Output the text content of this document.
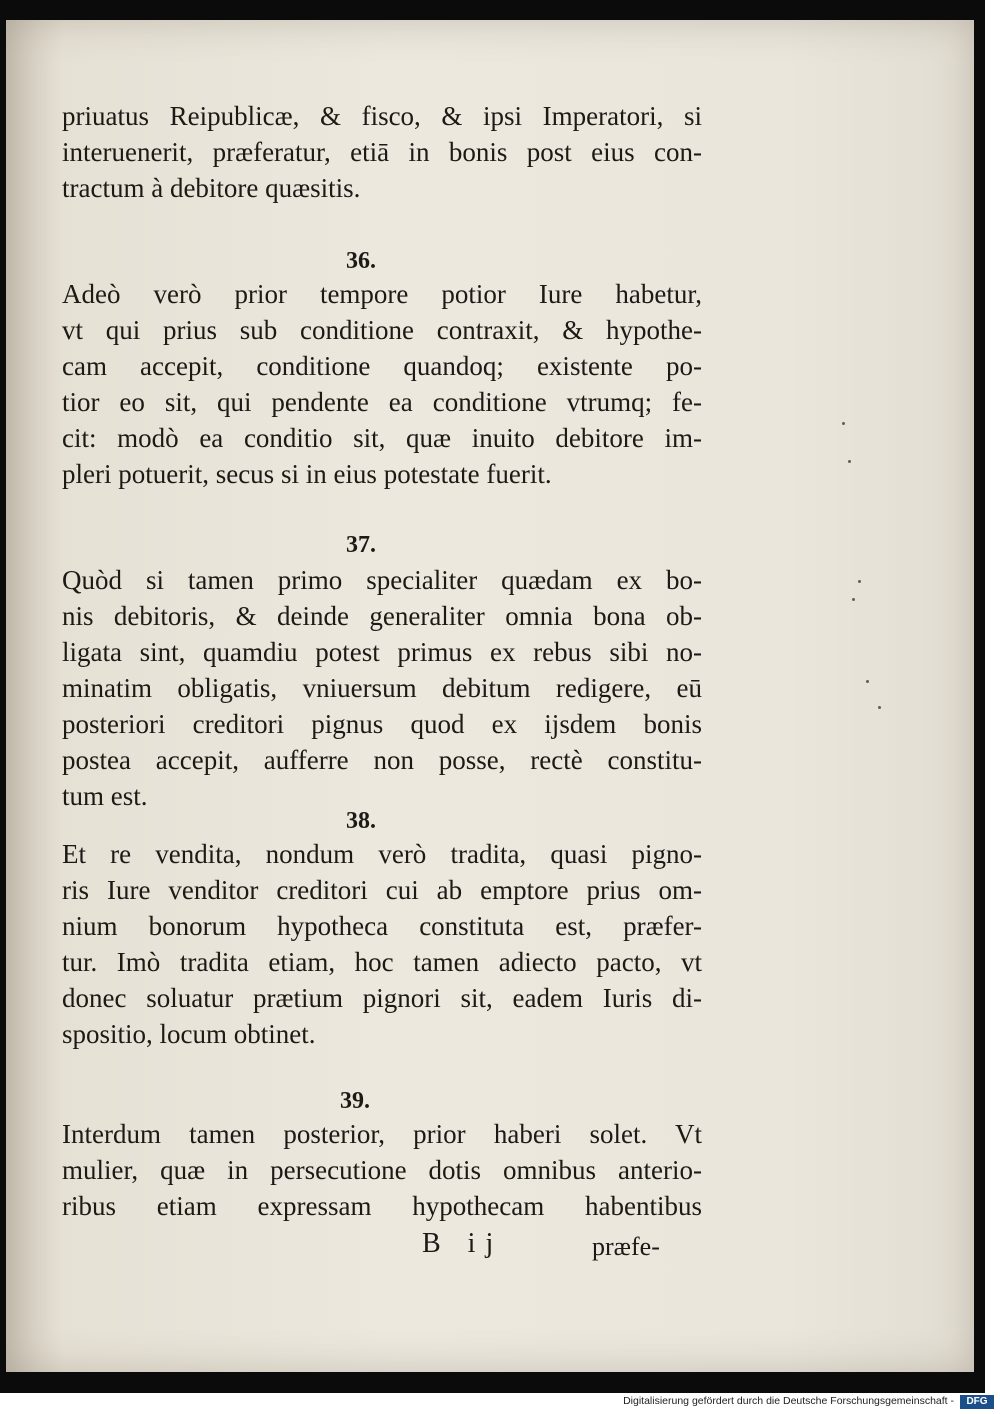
priuatus Reipublicæ, & fisco, & ipsi Imperatori, si
interuenerit, præferatur, etiā in bonis post eius con-
tractum à debitore quæsitis.
36.
Adeò verò prior tempore potior Iure habetur,
vt qui prius sub conditione contraxit, & hypothe-
cam accepit, conditione quandoq; existente po-
tior eo sit, qui pendente ea conditione vtrumq; fe-
cit: modò ea conditio sit, quæ inuito debitore im-
pleri potuerit, secus si in eius potestate fuerit.
37.
Quòd si tamen primo specialiter quædam ex bo-
nis debitoris, & deinde generaliter omnia bona ob-
ligata sint, quamdiu potest primus ex rebus sibi no-
minatim obligatis, vniuersum debitum redigere, eū
posteriori creditori pignus quod ex ijsdem bonis
postea accepit, aufferre non posse, rectè constitu-
tum est.
38.
Et re vendita, nondum verò tradita, quasi pigno-
ris Iure venditor creditori cui ab emptore prius om-
nium bonorum hypotheca constituta est, præfer-
tur. Imò tradita etiam, hoc tamen adiecto pacto, vt
donec soluatur prætium pignori sit, eadem Iuris di-
spositio, locum obtinet.
39.
Interdum tamen posterior, prior haberi solet. Vt
mulier, quæ in persecutione dotis omnibus anterio-
ribus etiam expressam hypothecam habentibus
B ij	præfe-
Digitalisierung gefördert durch die Deutsche Forschungsgemeinschaft -	DFG
